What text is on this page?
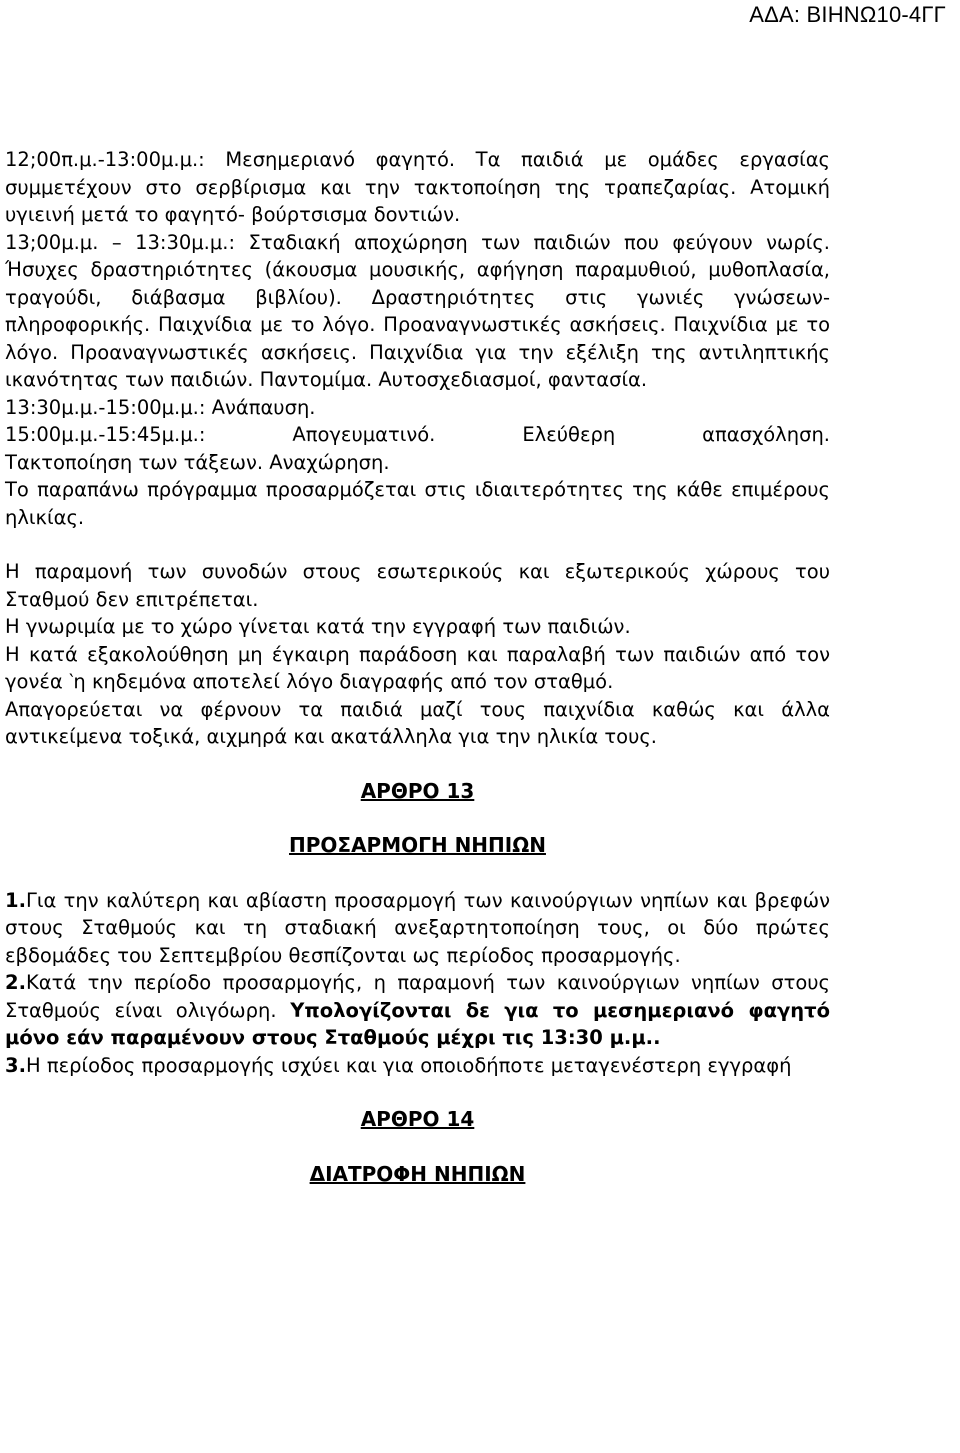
ΑΔΑ: ΒΙΗΝΩ10-4ΓΓ

12;00π.μ.-13:00μ.μ.: Μεσημεριανό φαγητό. Τα παιδιά με ομάδες εργασίας συμμετέχουν στο σερβίρισμα και την τακτοποίηση της τραπεζαρίας. Ατομική υγιεινή μετά το φαγητό- βούρτσισμα δοντιών.

13;00μ.μ. – 13:30μ.μ.: Σταδιακή αποχώρηση των παιδιών που φεύγουν νωρίς. Ήσυχες δραστηριότητες (άκουσμα μουσικής, αφήγηση παραμυθιού, μυθοπλασία, τραγούδι, διάβασμα βιβλίου). Δραστηριότητες στις γωνιές γνώσεων-πληροφορικής. Παιχνίδια με το λόγο. Προαναγνωστικές ασκήσεις. Παιχνίδια με το λόγο. Προαναγνωστικές ασκήσεις. Παιχνίδια για την εξέλιξη της αντιληπτικής ικανότητας των παιδιών. Παντομίμα. Αυτοσχεδιασμοί, φαντασία.

13:30μ.μ.-15:00μ.μ.: Ανάπαυση.

15:00μ.μ.-15:45μ.μ.: Απογευματινό. Ελεύθερη απασχόληση.

Τακτοποίηση των τάξεων. Αναχώρηση.

Το παραπάνω πρόγραμμα προσαρμόζεται στις ιδιαιτερότητες της κάθε επιμέρους ηλικίας.

Η παραμονή των συνοδών στους εσωτερικούς και εξωτερικούς χώρους του Σταθμού δεν επιτρέπεται.

Η γνωριμία με το χώρο γίνεται κατά την εγγραφή των παιδιών.

Η κατά εξακολούθηση μη έγκαιρη παράδοση και παραλαβή των παιδιών από τον γονέα ‵η κηδεμόνα αποτελεί λόγο διαγραφής από τον σταθμό.

Απαγορεύεται να φέρνουν τα παιδιά μαζί τους παιχνίδια καθώς και άλλα αντικείμενα τοξικά, αιχμηρά και ακατάλληλα για την ηλικία τους.

ΑΡΘΡΟ 13

ΠΡΟΣΑΡΜΟΓΗ ΝΗΠΙΩΝ

1.Για την καλύτερη και αβίαστη προσαρμογή των καινούργιων νηπίων και βρεφών στους Σταθμούς και τη σταδιακή ανεξαρτητοποίηση τους, οι δύο πρώτες εβδομάδες του Σεπτεμβρίου θεσπίζονται ως περίοδος προσαρμογής.

2.Κατά την περίοδο προσαρμογής, η παραμονή των καινούργιων νηπίων στους Σταθμούς είναι ολιγόωρη. Υπολογίζονται δε για το μεσημεριανό φαγητό μόνο εάν παραμένουν στους Σταθμούς μέχρι τις 13:30 μ.μ..

3.Η περίοδος προσαρμογής ισχύει και για οποιοδήποτε μεταγενέστερη εγγραφή

ΑΡΘΡΟ 14

ΔΙΑΤΡΟΦΗ ΝΗΠΙΩΝ
